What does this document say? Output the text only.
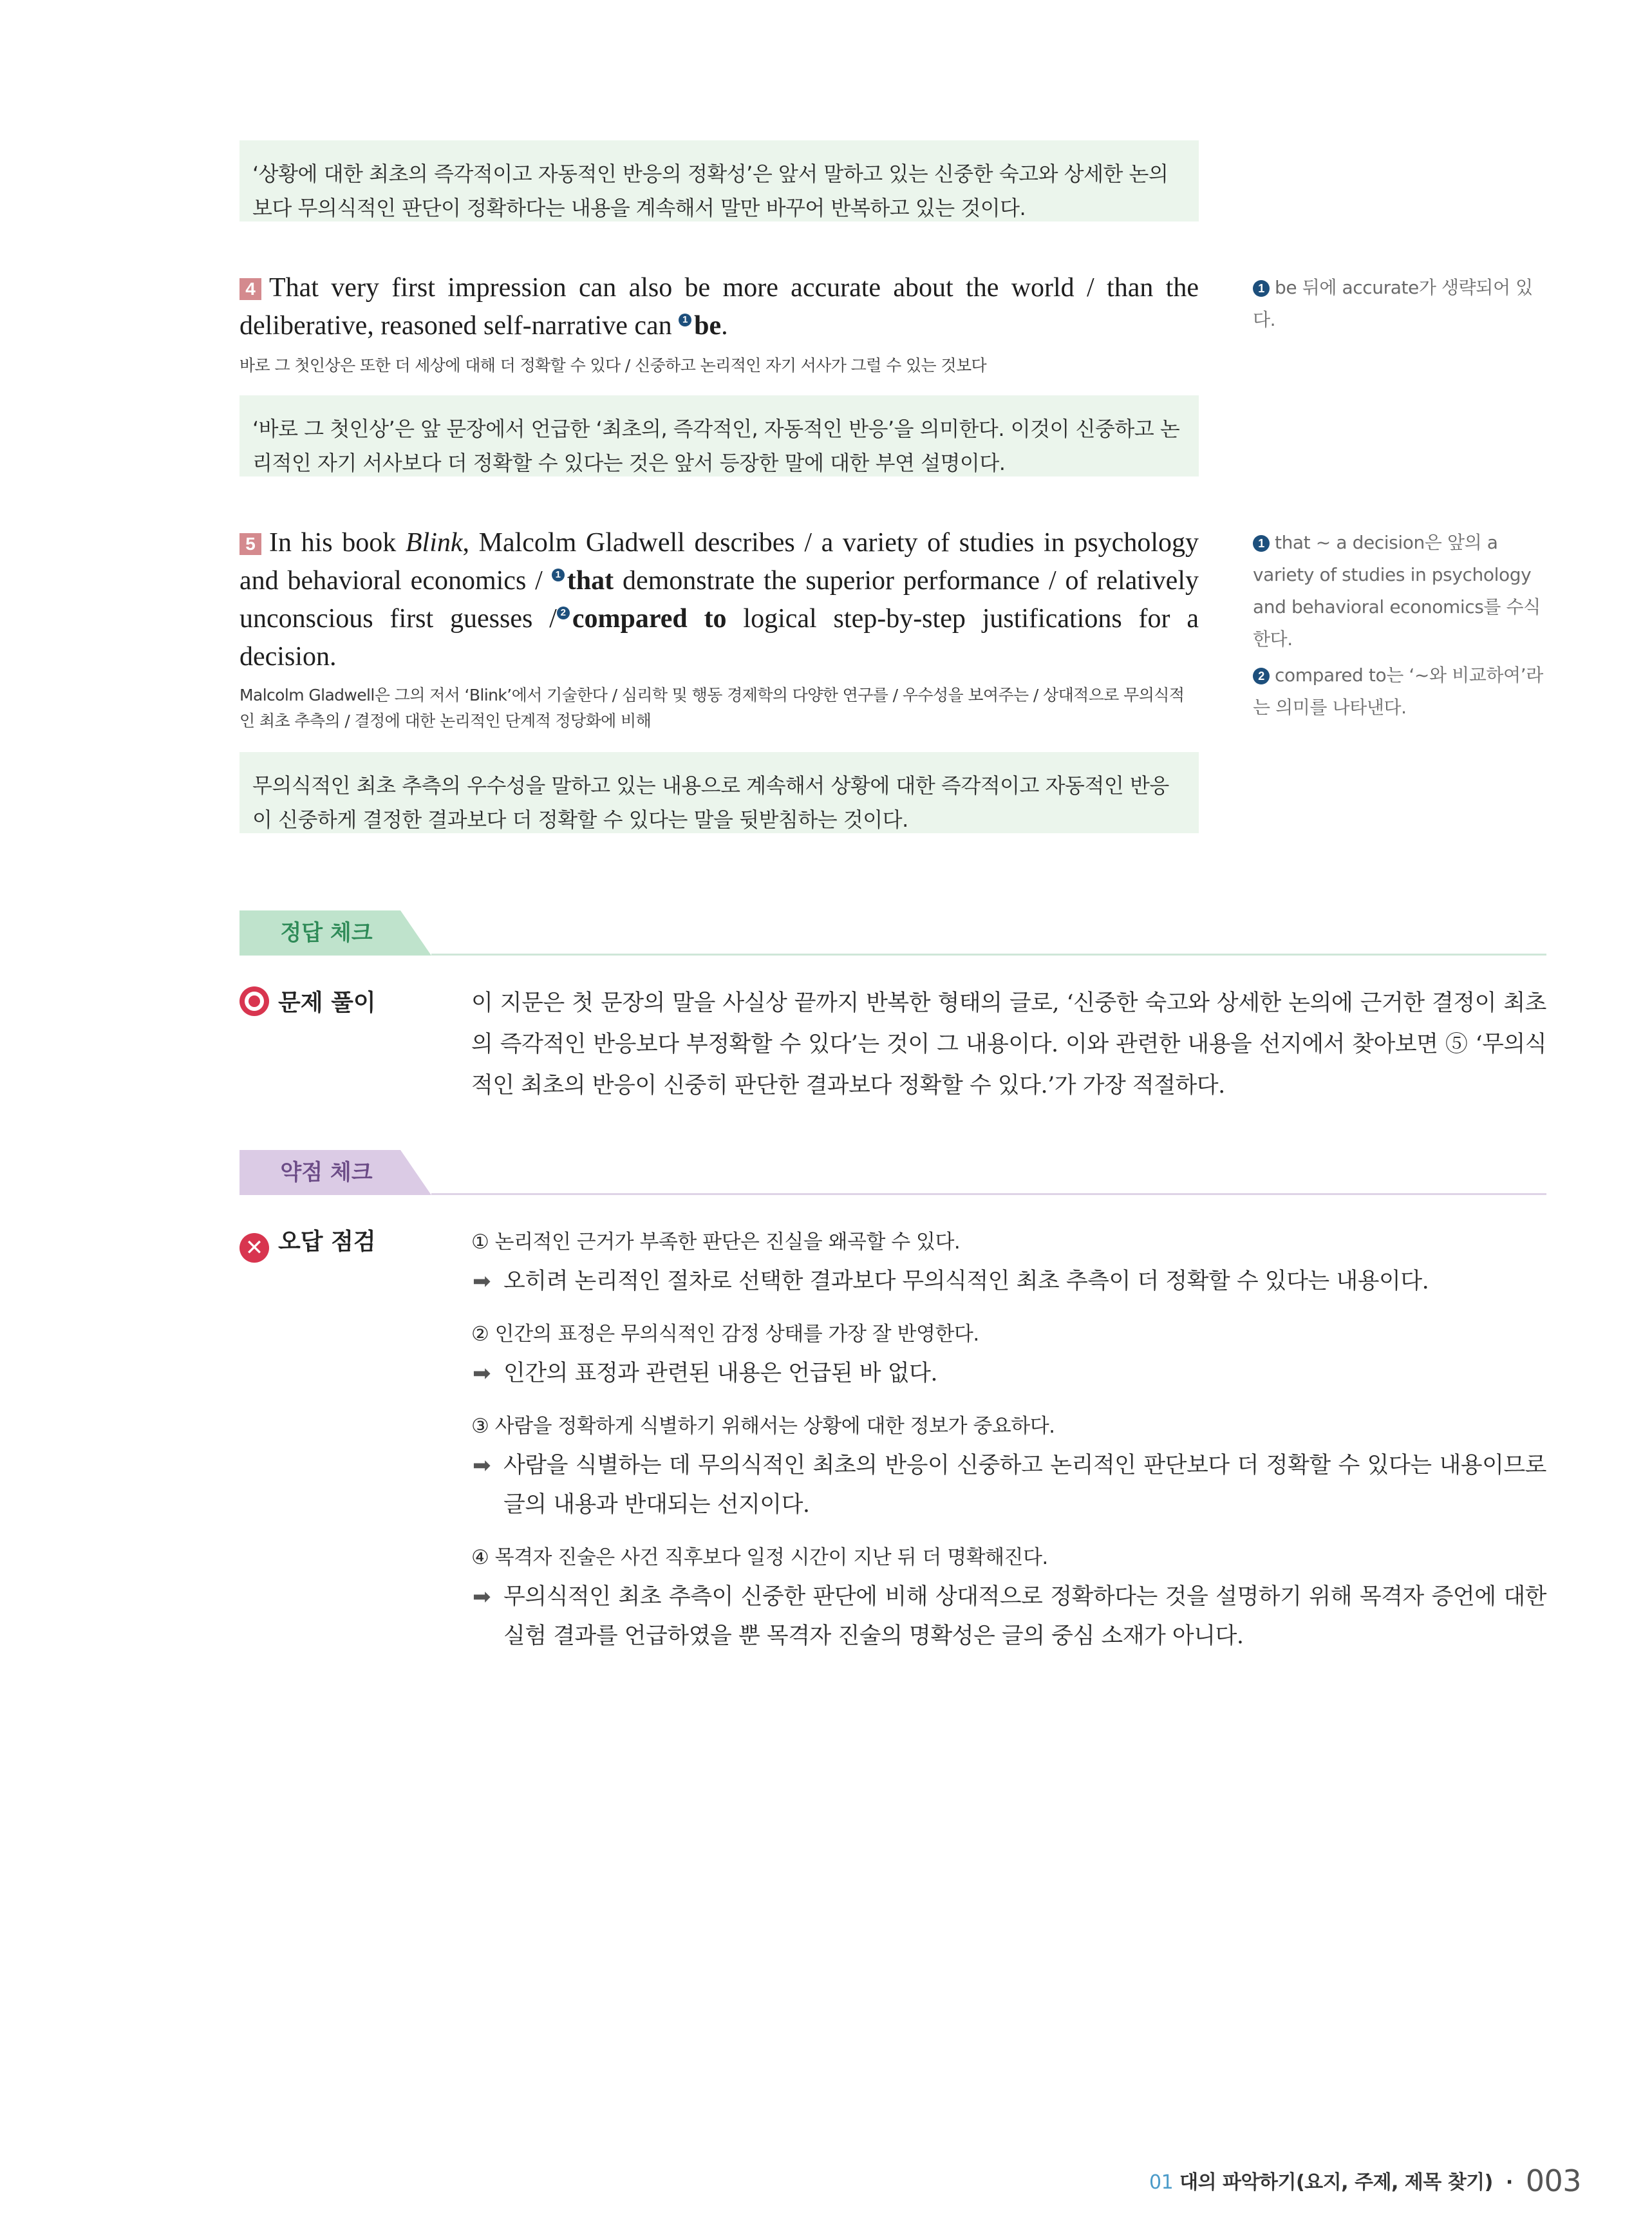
‘상황에 대한 최초의 즉각적이고 자동적인 반응의 정확성’은 앞서 말하고 있는 신중한 숙고와 상세한 논의보다 무의식적인 판단이 정확하다는 내용을 계속해서 말만 바꾸어 반복하고 있는 것이다.
4 That very first impression can also be more accurate about the world / than the deliberative, reasoned self-narrative can 1 be.
바로 그 첫인상은 또한 더 세상에 대해 더 정확할 수 있다 / 신중하고 논리적인 자기 서사가 그럴 수 있는 것보다
‘바로 그 첫인상’은 앞 문장에서 언급한 ‘최초의, 즉각적인, 자동적인 반응’을 의미한다. 이것이 신중하고 논리적인 자기 서사보다 더 정확할 수 있다는 것은 앞서 등장한 말에 대한 부연 설명이다.
1 be 뒤에 accurate가 생략되어 있다.
5 In his book Blink, Malcolm Gladwell describes / a variety of studies in psychology and behavioral economics / 1 that demonstrate the superior performance / of relatively unconscious first guesses / 2 compared to logical step-by-step justifications for a decision.
Malcolm Gladwell은 그의 저서 ‘Blink’에서 기술한다 / 심리학 및 행동 경제학의 다양한 연구를 / 우수성을 보여주는 / 상대적으로 무의식적인 최초 추측의 / 결정에 대한 논리적인 단계적 정당화에 비해
무의식적인 최초 추측의 우수성을 말하고 있는 내용으로 계속해서 상황에 대한 즉각적이고 자동적인 반응이 신중하게 결정한 결과보다 더 정확할 수 있다는 말을 뒷받침하는 것이다.
1 that ~ a decision은 앞의 a variety of studies in psychology and behavioral economics를 수식한다.
2 compared to는 ‘~와 비교하여’라는 의미를 나타낸다.
정답 체크
문제 풀이	이 지문은 첫 문장의 말을 사실상 끝까지 반복한 형태의 글로, ‘신중한 숙고와 상세한 논의에 근거한 결정이 최초의 즉각적인 반응보다 부정확할 수 있다’는 것이 그 내용이다. 이와 관련한 내용을 선지에서 찾아보면 ⑤ ‘무의식적인 최초의 반응이 신중히 판단한 결과보다 정확할 수 있다.’가 가장 적절하다.
약점 체크
✕ 오답 점검	① 논리적인 근거가 부족한 판단은 진실을 왜곡할 수 있다.
➡ 오히려 논리적인 절차로 선택한 결과보다 무의식적인 최초 추측이 더 정확할 수 있다는 내용이다.
② 인간의 표정은 무의식적인 감정 상태를 가장 잘 반영한다.
➡ 인간의 표정과 관련된 내용은 언급된 바 없다.
③ 사람을 정확하게 식별하기 위해서는 상황에 대한 정보가 중요하다.
➡ 사람을 식별하는 데 무의식적인 최초의 반응이 신중하고 논리적인 판단보다 더 정확할 수 있다는 내용이므로 글의 내용과 반대되는 선지이다.
④ 목격자 진술은 사건 직후보다 일정 시간이 지난 뒤 더 명확해진다.
➡ 무의식적인 최초 추측이 신중한 판단에 비해 상대적으로 정확하다는 것을 설명하기 위해 목격자 증언에 대한 실험 결과를 언급하였을 뿐 목격자 진술의 명확성은 글의 중심 소재가 아니다.
01 대의 파악하기(요지, 주제, 제목 찾기) · 003
